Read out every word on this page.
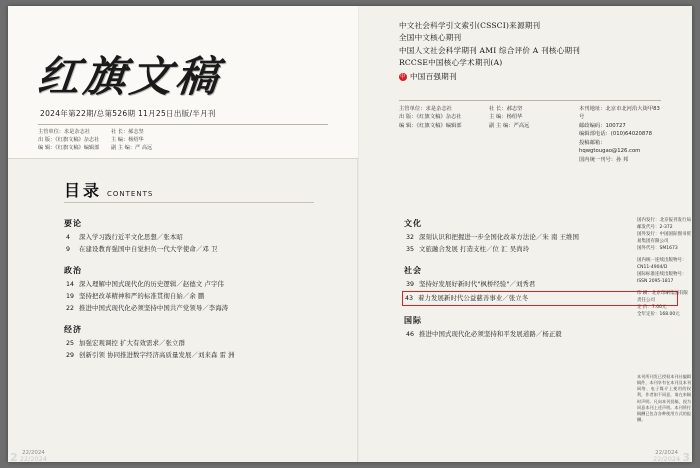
红旗文稿
2024年第22期/总第526期 11月25日出版/半月刊
主管单位：求是杂志社
出 版：《红旗文稿》杂志社
编 辑：《红旗文稿》编辑部

社 长：郝志坚
主 编：杨绍华
副 主 编：严 高远
目录 CONTENTS
要论
4	深入学习践行近平文化思想／张本昭
9	在建设教育强国中自觉担负一代大学使命／邓 卫
政治
14 深入理解中国式现代化的历史逻辑／赵德文 卢宇伟
19 坚持把改革精神和严的标准贯彻自始／余 鹏
22 推进中国式现代化必须坚持中国共产党领导／李海涛
经济
25 加强宏观调控 扩大有效需求／张立群
29 创新引领 协同推进数字经济高质量发展／刘来森 雷 洲
文化
32 深刻认识和把握进一步全国化改革方法论／朱 南 王维国
35 文旅融合发展 打造支柱／位 汇 吴尚玲
社会
39 坚持好发展好新时代"枫桥经验"／刘秀君
43 着力发展新时代公益慈善事业／张立冬
国际
46 推进中国式现代化必须坚持和平发展道路／杨正毅
22/2024
中文社会科学引文索引(CSSCI)来源期刊
全国中文核心期刊
中国人文社会科学期刊 AMI 综合评价 A 刊核心期刊
RCCSE中国核心学术期刊(A)
中 中国百强期刊
主管单位：求是杂志社
出 版：《红旗文稿》杂志社
编 辑：《红旗文稿》编辑部
社 长：郝志坚
主 编：杨绍华
副 主 编：严高远
本刊地址：北京市北河沿大街甲83号
邮政编码：100727
编辑部电话：(010)64020878
投稿邮箱：hqwgtougao@126.com
国内统一刊号：孙 邦
国内发行：北京报刊发行局
邮发代号：2-372
国外发行：中国国际图书贸易集团有限公司
国外代号：SM1673
国内统一连续出版物号：CN11-4904/D
国际标准连续出版物号：ISSN 2095-1817
印 刷：北京印刷集团有限责任公司
定 价：7.00元
全年定价：168.00元
本刊所刊发已授权本刊社编辑稿件，本刊享有在本刊及本刊网络、电子媒介上使用的权利，作者如不同意，请在来稿时声明。凡向本刊投稿，视为同意本刊上述声明。本刊所付稿酬已包含各种使用方式的报酬。
22/2024
2 22/2024	22/2024 3
